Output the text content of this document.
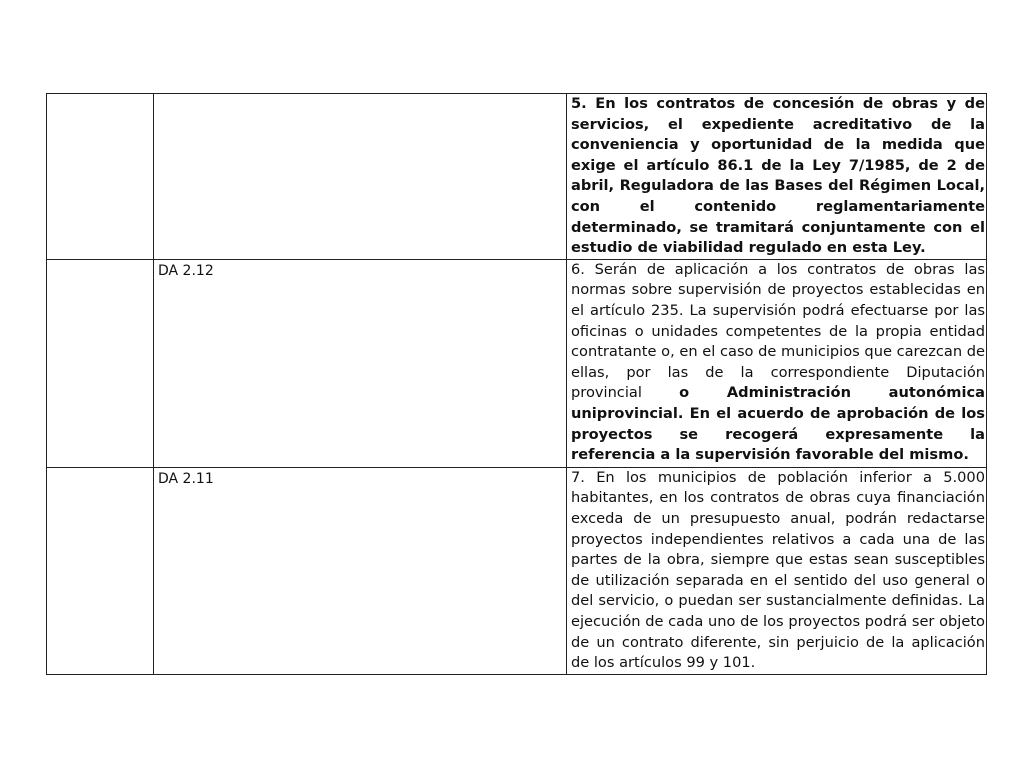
		5. En los contratos de concesión de obras y de servicios, el expediente acreditativo de la conveniencia y oportunidad de la medida que exige el artículo 86.1 de la Ley 7/1985, de 2 de abril, Reguladora de las Bases del Régimen Local, con el contenido reglamentariamente determinado, se tramitará conjuntamente con el estudio de viabilidad regulado en esta Ley.

	DA 2.12	6. Serán de aplicación a los contratos de obras las normas sobre supervisión de proyectos establecidas en el artículo 235. La supervisión podrá efectuarse por las oficinas o unidades competentes de la propia entidad contratante o, en el caso de municipios que carezcan de ellas, por las de la correspondiente Diputación provincial o Administración autonómica uniprovincial. En el acuerdo de aprobación de los proyectos se recogerá expresamente la referencia a la supervisión favorable del mismo.

	DA 2.11	7. En los municipios de población inferior a 5.000 habitantes, en los contratos de obras cuya financiación exceda de un presupuesto anual, podrán redactarse proyectos independientes relativos a cada una de las partes de la obra, siempre que estas sean susceptibles de utilización separada en el sentido del uso general o del servicio, o puedan ser sustancialmente definidas. La ejecución de cada uno de los proyectos podrá ser objeto de un contrato diferente, sin perjuicio de la aplicación de los artículos 99 y 101.
